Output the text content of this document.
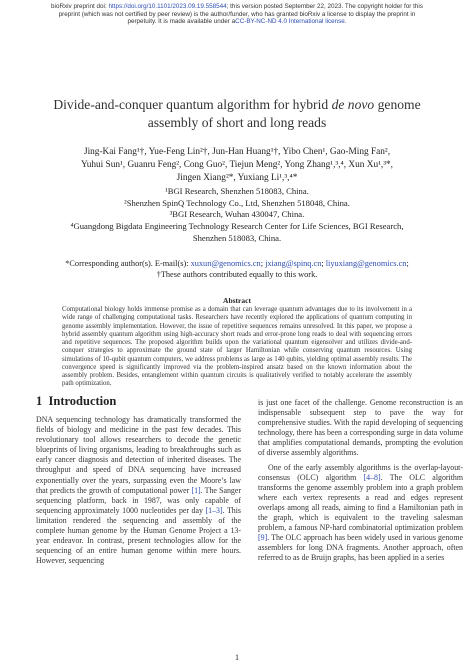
bioRxiv preprint doi: https://doi.org/10.1101/2023.09.19.558544; this version posted September 22, 2023. The copyright holder for this
preprint (which was not certified by peer review) is the author/funder, who has granted bioRxiv a license to display the preprint in
perpetuity. It is made available under aCC-BY-NC-ND 4.0 International license.
Divide-and-conquer quantum algorithm for hybrid de novo genome
assembly of short and long reads
Jing-Kai Fang¹†, Yue-Feng Lin²†, Jun-Han Huang¹†, Yibo Chen¹, Gao-Ming Fan²,
Yuhui Sun¹, Guanru Feng², Cong Guo², Tiejun Meng², Yong Zhang¹,³,⁴, Xun Xu¹,³*,
Jingen Xiang²*, Yuxiang Li¹,³,⁴*
¹BGI Research, Shenzhen 518083, China.
²Shenzhen SpinQ Technology Co., Ltd, Shenzhen 518048, China.
³BGI Research, Wuhan 430047, China.
⁴Guangdong Bigdata Engineering Technology Research Center for Life Sciences, BGI Research,
Shenzhen 518083, China.
*Corresponding author(s). E-mail(s): xuxun@genomics.cn; jxiang@spinq.cn; liyuxiang@genomics.cn;
†These authors contributed equally to this work.
Abstract
Computational biology holds immense promise as a domain that can leverage quantum advantages due to its involvement in a wide range of challenging computational tasks. Researchers have recently explored the applications of quantum computing in genome assembly implementation. However, the issue of repetitive sequences remains unresolved. In this paper, we propose a hybrid assembly quantum algorithm using high-accuracy short reads and error-prone long reads to deal with sequencing errors and repetitive sequences. The proposed algorithm builds upon the variational quantum eigensolver and utilizes divide-and-conquer strategies to approximate the ground state of larger Hamiltonian while conserving quantum resources. Using simulations of 10-qubit quantum computers, we address problems as large as 140 qubits, yielding optimal assembly results. The convergence speed is significantly improved via the problem-inspired ansatz based on the known information about the assembly problem. Besides, entanglement within quantum circuits is qualitatively verified to notably accelerate the assembly path optimization.
1 Introduction

DNA sequencing technology has dramatically transformed the fields of biology and medicine in the past few decades. This revolutionary tool allows researchers to decode the genetic blueprints of living organisms, leading to breakthroughs such as early cancer diagnosis and detection of inherited diseases. The throughput and speed of DNA sequencing have increased exponentially over the years, surpassing even the Moore’s law that predicts the growth of computational power [1]. The Sanger sequencing platform, back in 1987, was only capable of sequencing approximately 1000 nucleotides per day [1–3]. This limitation rendered the sequencing and assembly of the complete human genome by the Human Genome Project a 13-year endeavor. In contrast, present technologies allow for the sequencing of an entire human genome within mere hours. However, sequencing

is just one facet of the challenge. Genome reconstruction is an indispensable subsequent step to pave the way for comprehensive studies. With the rapid developing of sequencing technology, there has been a corresponding surge in data volume that amplifies computational demands, prompting the evolution of diverse assembly algorithms.

One of the early assembly algorithms is the overlap-layout-consensus (OLC) algorithm [4–8]. The OLC algorithm transforms the genome assembly problem into a graph problem where each vertex represents a read and edges represent overlaps among all reads, aiming to find a Hamiltonian path in the graph, which is equivalent to the traveling salesman problem, a famous NP-hard combinatorial optimization problem [9]. The OLC approach has been widely used in various genome assemblers for long DNA fragments. Another approach, often referred to as de Bruijn graphs, has been applied in a series

1
